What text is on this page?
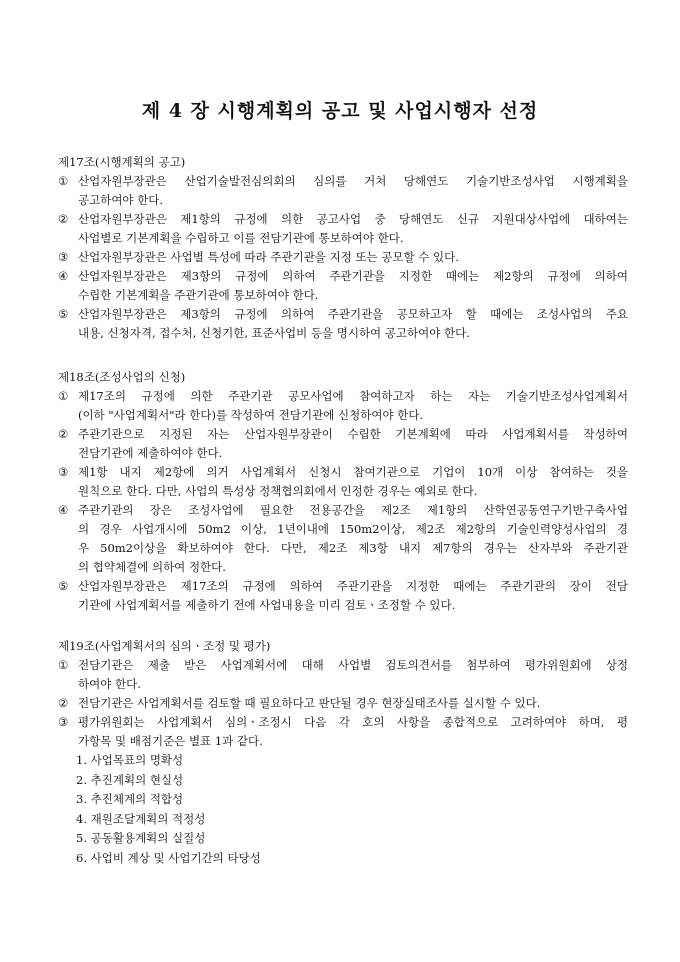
제 4 장 시행계획의 공고 및 사업시행자 선정
제17조(시행계획의 공고)
① 산업자원부장관은 산업기술발전심의회의 심의를 거쳐 당해연도 기술기반조성사업 시행계획을
공고하여야 한다.
② 산업자원부장관은 제1항의 규정에 의한 공고사업 중 당해연도 신규 지원대상사업에 대하여는
사업별로 기본계획을 수립하고 이를 전담기관에 통보하여야 한다.
③ 산업자원부장관은 사업별 특성에 따라 주관기관을 지정 또는 공모할 수 있다.
④ 산업자원부장관은 제3항의 규정에 의하여 주관기관을 지정한 때에는 제2항의 규정에 의하여
수립한 기본계획을 주관기관에 통보하여야 한다.
⑤ 산업자원부장관은 제3항의 규정에 의하여 주관기관을 공모하고자 할 때에는 조성사업의 주요
내용, 신청자격, 접수처, 신청기한, 표준사업비 등을 명시하여 공고하여야 한다.
제18조(조성사업의 신청)
① 제17조의 규정에 의한 주관기관 공모사업에 참여하고자 하는 자는 기술기반조성사업계획서
(이하 "사업계획서"라 한다)를 작성하여 전담기관에 신청하여야 한다.
② 주관기관으로 지정된 자는 산업자원부장관이 수립한 기본계획에 따라 사업계획서를 작성하여
전담기관에 제출하여야 한다.
③ 제1항 내지 제2항에 의거 사업계획서 신청시 참여기관으로 기업이 10개 이상 참여하는 것을
원칙으로 한다. 다만, 사업의 특성상 정책협의회에서 인정한 경우는 예외로 한다.
④ 주관기관의 장은 조성사업에 필요한 전용공간을 제2조 제1항의 산학연공동연구기반구축사업
의 경우 사업개시에 50m2 이상, 1년이내에 150m2이상, 제2조 제2항의 기술인력양성사업의 경
우 50m2이상을 확보하여야 한다. 다만, 제2조 제3항 내지 제7항의 경우는 산자부와 주관기관
의 협약체결에 의하여 정한다.
⑤ 산업자원부장관은 제17조의 규정에 의하여 주관기관을 지정한 때에는 주관기관의 장이 전담
기관에 사업계획서를 제출하기 전에 사업내용을 미리 검토ㆍ조정할 수 있다.
제19조(사업계획서의 심의ㆍ조정 및 평가)
① 전담기관은 제출 받은 사업계획서에 대해 사업별 검토의견서를 첨부하여 평가위원회에 상정
하여야 한다.
② 전담기관은 사업계획서를 검토할 때 필요하다고 판단될 경우 현장실태조사를 실시할 수 있다.
③ 평가위원회는 사업계획서 심의ㆍ조정시 다음 각 호의 사항을 종합적으로 고려하여야 하며, 평
가항목 및 배점기준은 별표 1과 같다.
1. 사업목표의 명확성
2. 추진계획의 현실성
3. 추진체계의 적합성
4. 재원조달계획의 적정성
5. 공동활용계획의 실질성
6. 사업비 계상 및 사업기간의 타당성
